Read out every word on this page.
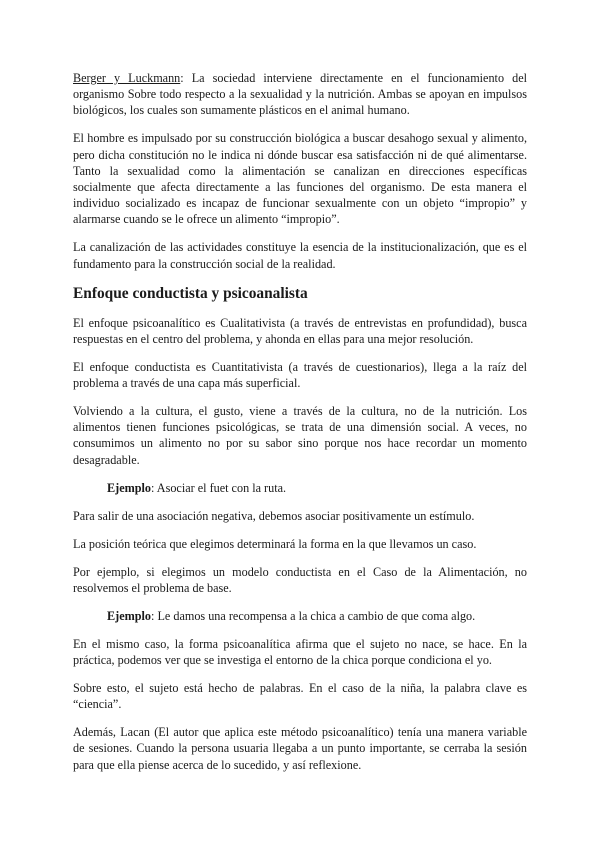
Berger y Luckmann: La sociedad interviene directamente en el funcionamiento del organismo Sobre todo respecto a la sexualidad y la nutrición. Ambas se apoyan en impulsos biológicos, los cuales son sumamente plásticos en el animal humano.

El hombre es impulsado por su construcción biológica a buscar desahogo sexual y alimento, pero dicha constitución no le indica ni dónde buscar esa satisfacción ni de qué alimentarse. Tanto la sexualidad como la alimentación se canalizan en direcciones específicas socialmente que afecta directamente a las funciones del organismo. De esta manera el individuo socializado es incapaz de funcionar sexualmente con un objeto “impropio” y alarmarse cuando se le ofrece un alimento “impropio”.

La canalización de las actividades constituye la esencia de la institucionalización, que es el fundamento para la construcción social de la realidad.

Enfoque conductista y psicoanalista

El enfoque psicoanalítico es Cualitativista (a través de entrevistas en profundidad), busca respuestas en el centro del problema, y ahonda en ellas para una mejor resolución.

El enfoque conductista es Cuantitativista (a través de cuestionarios), llega a la raíz del problema a través de una capa más superficial.

Volviendo a la cultura, el gusto, viene a través de la cultura, no de la nutrición. Los alimentos tienen funciones psicológicas, se trata de una dimensión social. A veces, no consumimos un alimento no por su sabor sino porque nos hace recordar un momento desagradable.

Ejemplo: Asociar el fuet con la ruta.

Para salir de una asociación negativa, debemos asociar positivamente un estímulo.

La posición teórica que elegimos determinará la forma en la que llevamos un caso.

Por ejemplo, si elegimos un modelo conductista en el Caso de la Alimentación, no resolvemos el problema de base.

Ejemplo: Le damos una recompensa a la chica a cambio de que coma algo.

En el mismo caso, la forma psicoanalítica afirma que el sujeto no nace, se hace. En la práctica, podemos ver que se investiga el entorno de la chica porque condiciona el yo.

Sobre esto, el sujeto está hecho de palabras. En el caso de la niña, la palabra clave es “ciencia”.

Además, Lacan (El autor que aplica este método psicoanalítico) tenía una manera variable de sesiones. Cuando la persona usuaria llegaba a un punto importante, se cerraba la sesión para que ella piense acerca de lo sucedido, y así reflexione.
